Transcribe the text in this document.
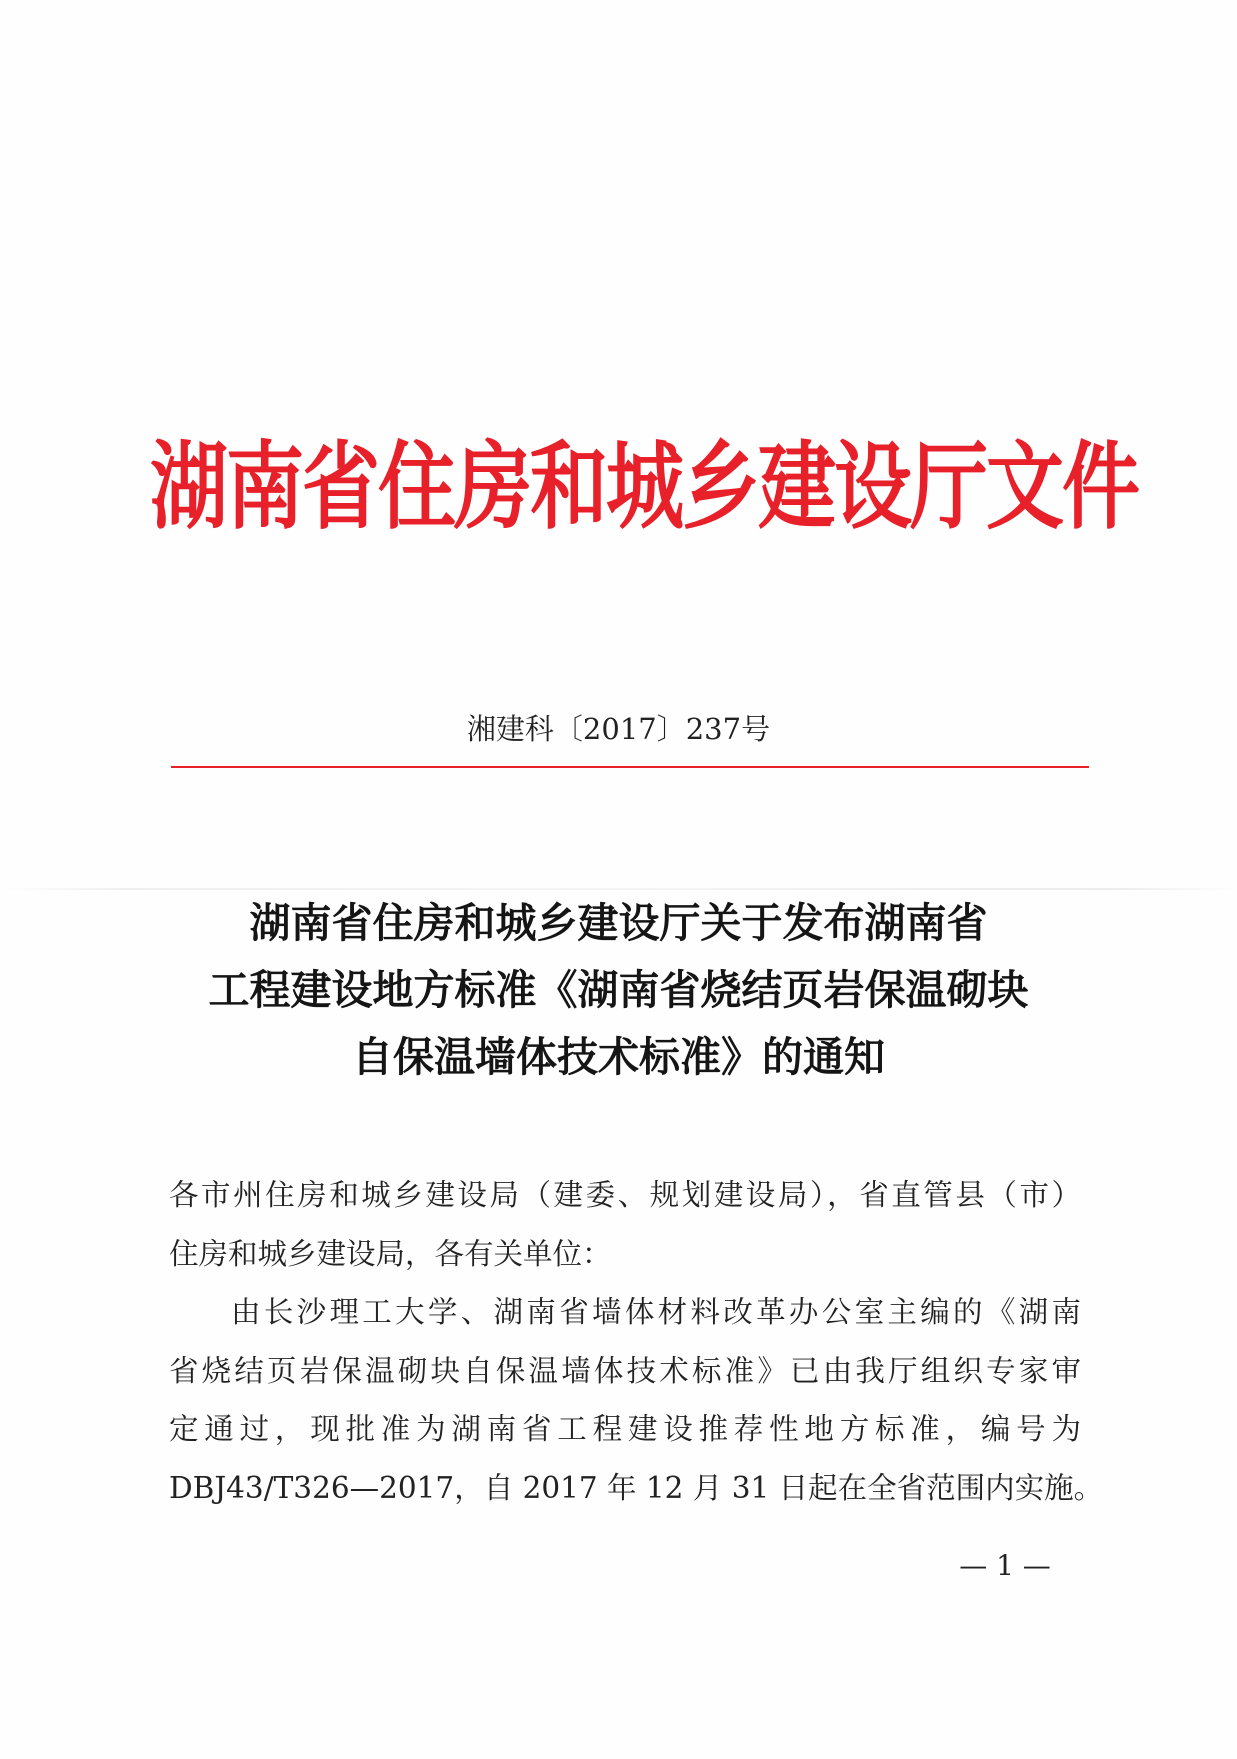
湖南省住房和城乡建设厅文件
湘建科〔2017〕237号
湖南省住房和城乡建设厅关于发布湖南省
工程建设地方标准《湖南省烧结页岩保温砌块
自保温墙体技术标准》的通知
各市州住房和城乡建设局（建委、规划建设局），省直管县（市）
住房和城乡建设局，各有关单位：
由长沙理工大学、湖南省墙体材料改革办公室主编的《湖南
省烧结页岩保温砌块自保温墙体技术标准》已由我厅组织专家审
定通过，现批准为湖南省工程建设推荐性地方标准，编号为
DBJ43/T326—2017，自 2017 年 12 月 31 日起在全省范围内实施。
— 1 —
